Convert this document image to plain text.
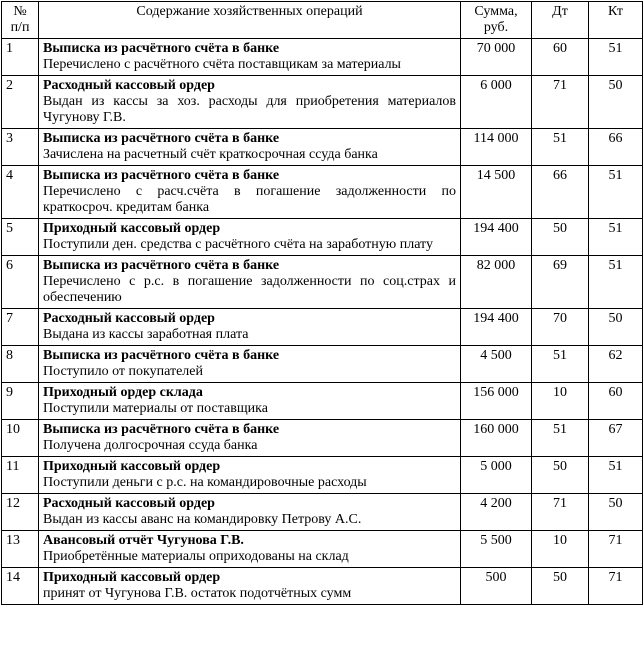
№ п/п	Содержание хозяйственных операций	Сумма, руб.	Дт	Кт
1	Выписка из расчётного счёта в банке
Перечислено с расчётного счёта поставщикам за материалы	70 000	60	51
2	Расходный кассовый ордер
Выдан из кассы за хоз. расходы для приобретения материалов Чугунову Г.В.	6 000	71	50
3	Выписка из расчётного счёта в банке
Зачислена на расчетный счёт краткосрочная ссуда банка	114 000	51	66
4	Выписка из расчётного счёта в банке
Перечислено с расч.счёта в погашение задолженности по краткосроч. кредитам банка	14 500	66	51
5	Приходный кассовый ордер
Поступили ден. средства с расчётного счёта на заработную плату	194 400	50	51
6	Выписка из расчётного счёта в банке
Перечислено с р.с. в погашение задолженности по соц.страх и обеспечению	82 000	69	51
7	Расходный кассовый ордер
Выдана из кассы заработная плата	194 400	70	50
8	Выписка из расчётного счёта в банке
Поступило от покупателей	4 500	51	62
9	Приходный ордер склада
Поступили материалы от поставщика	156 000	10	60
10	Выписка из расчётного счёта в банке
Получена долгосрочная ссуда банка	160 000	51	67
11	Приходный кассовый ордер
Поступили деньги с р.с. на командировочные расходы	5 000	50	51
12	Расходный кассовый ордер
Выдан из кассы аванс на командировку Петрову А.С.	4 200	71	50
13	Авансовый отчёт Чугунова Г.В.
Приобретённые материалы оприходованы на склад	5 500	10	71
14	Приходный кассовый ордер
принят от Чугунова Г.В. остаток подотчётных сумм	500	50	71
